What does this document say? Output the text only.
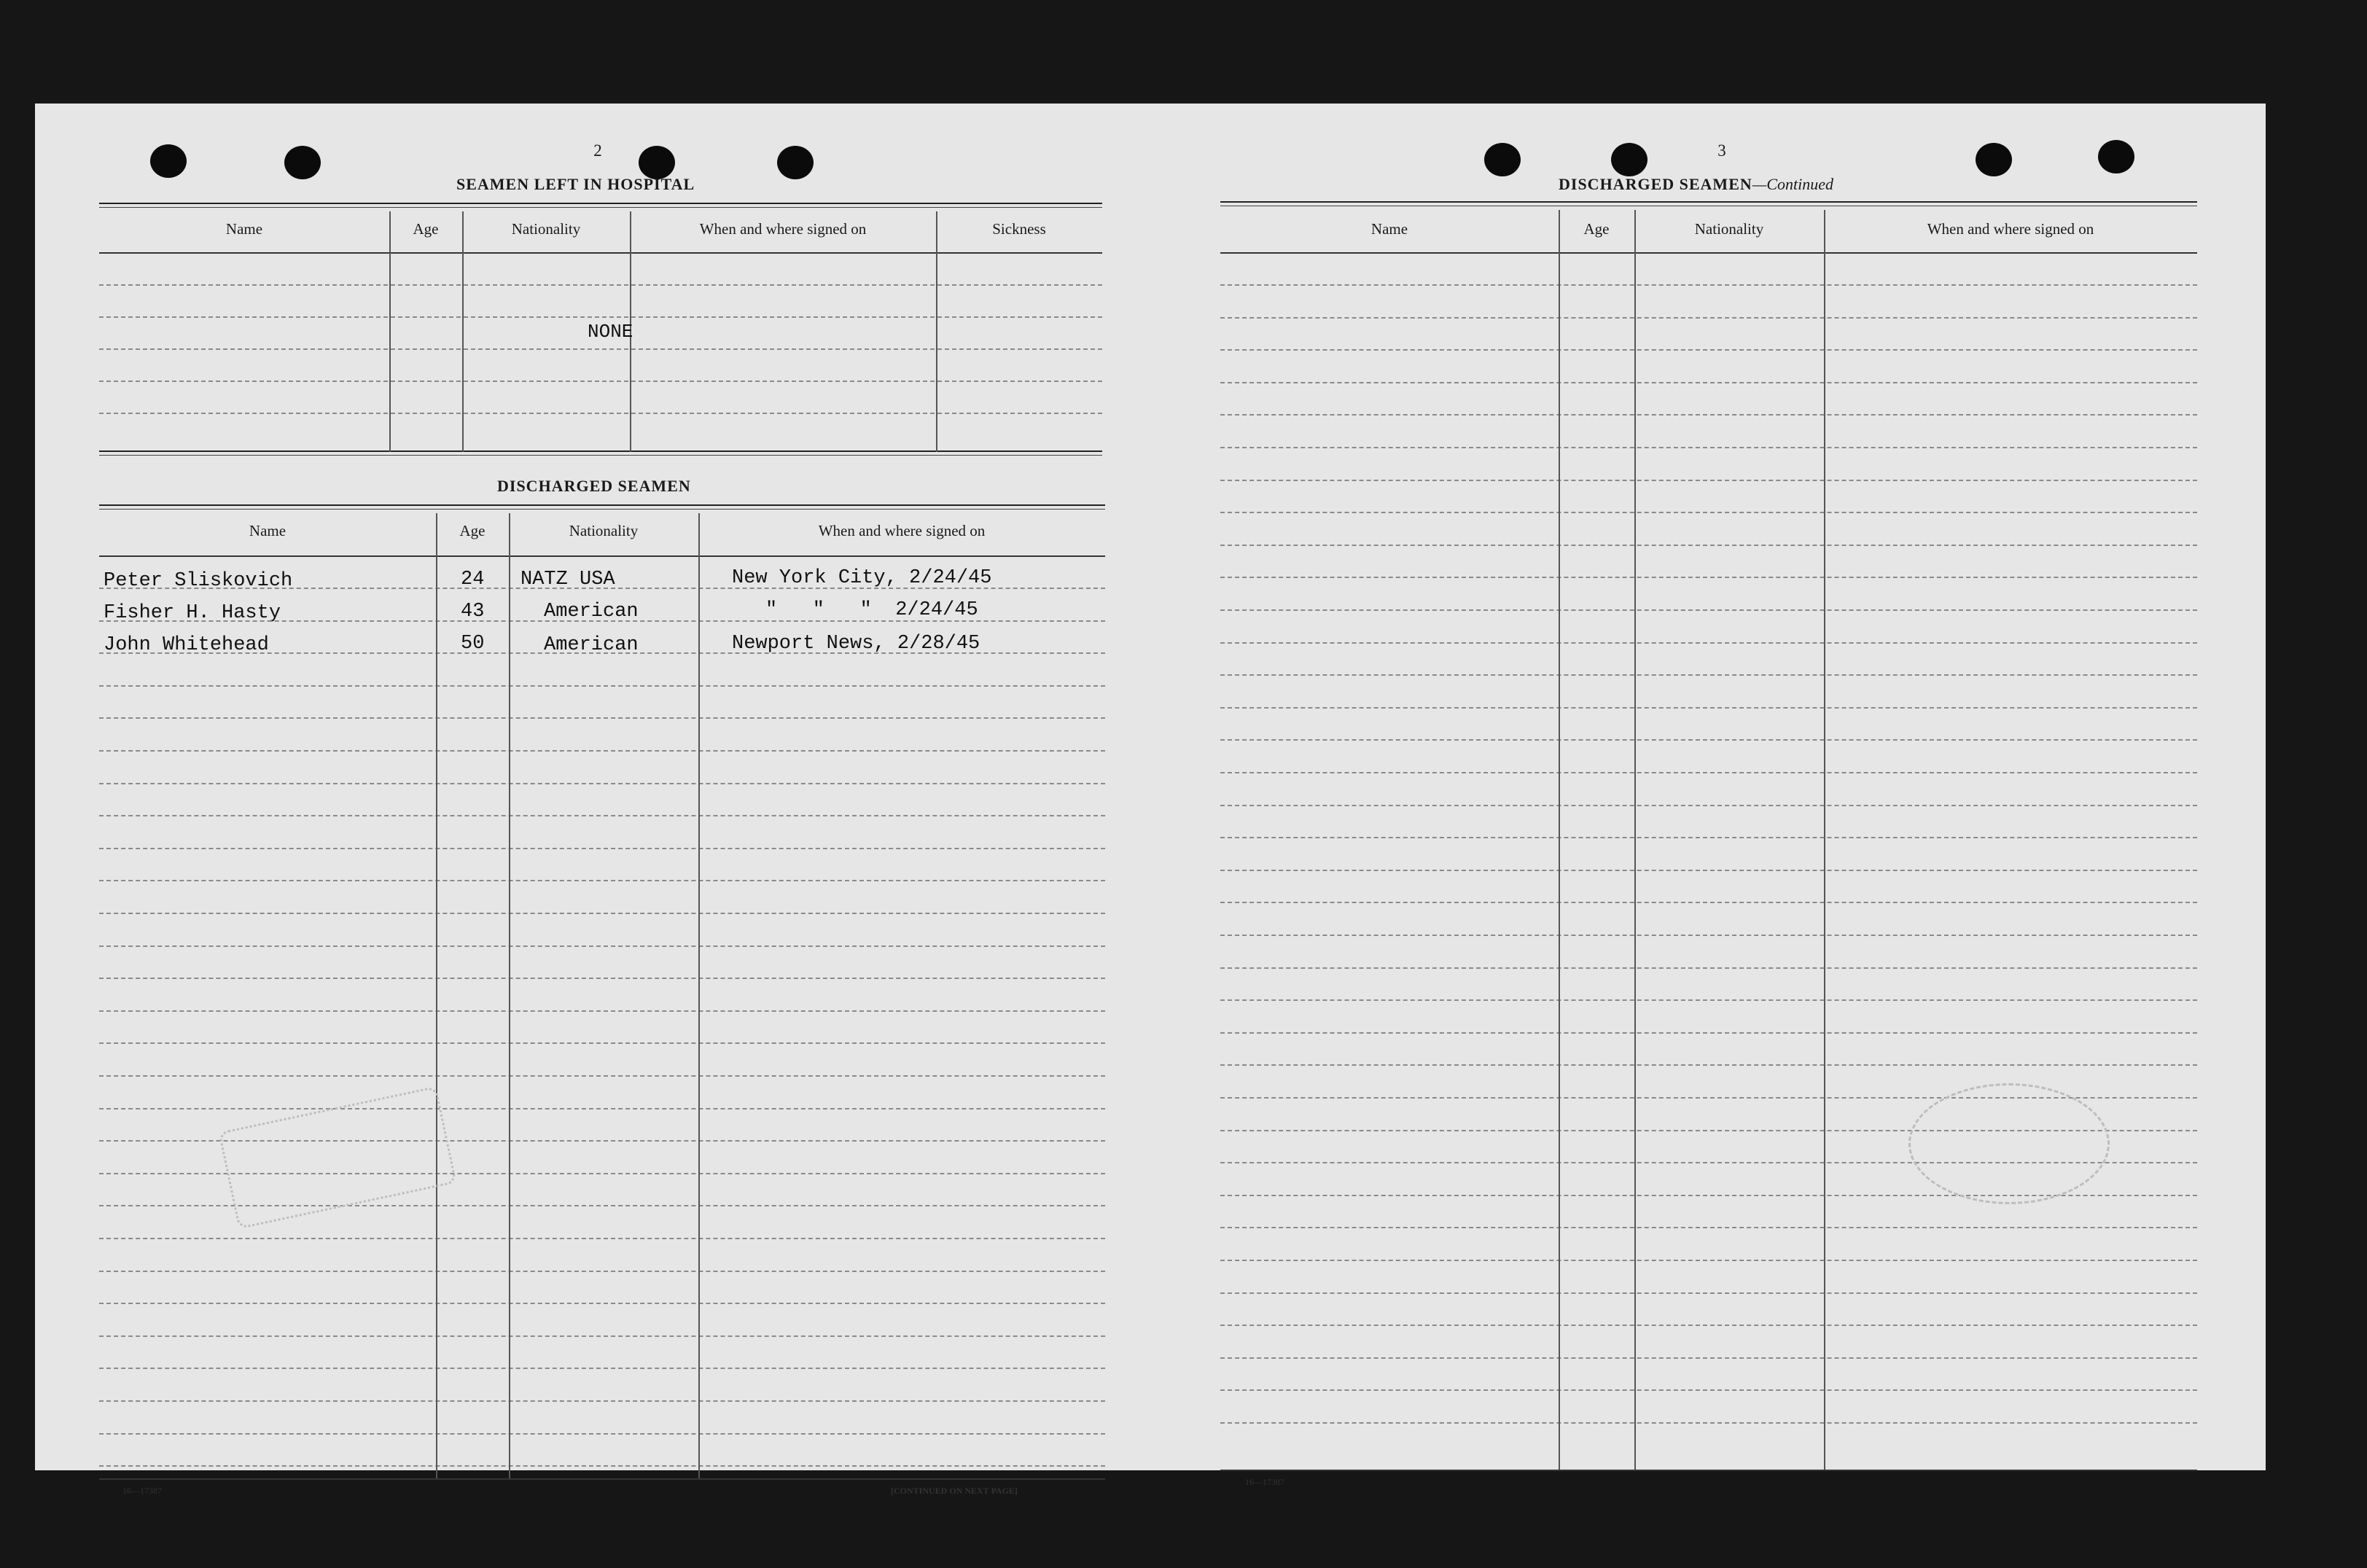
2
SEAMEN LEFT IN HOSPITAL
Name	Age	Nationality	When and where signed on	Sickness
NONE
DISCHARGED SEAMEN
Name	Age	Nationality	When and where signed on
Peter Sliskovich	24 NATZ USA	New York City, 2/24/45
Fisher H. Hasty	43	American	"   "   "  2/24/45
John Whitehead	50	American	Newport News, 2/28/45
16—17387	[CONTINUED ON NEXT PAGE]
3
DISCHARGED SEAMEN—Continued
Name	Age	Nationality	When and where signed on
16—17387
